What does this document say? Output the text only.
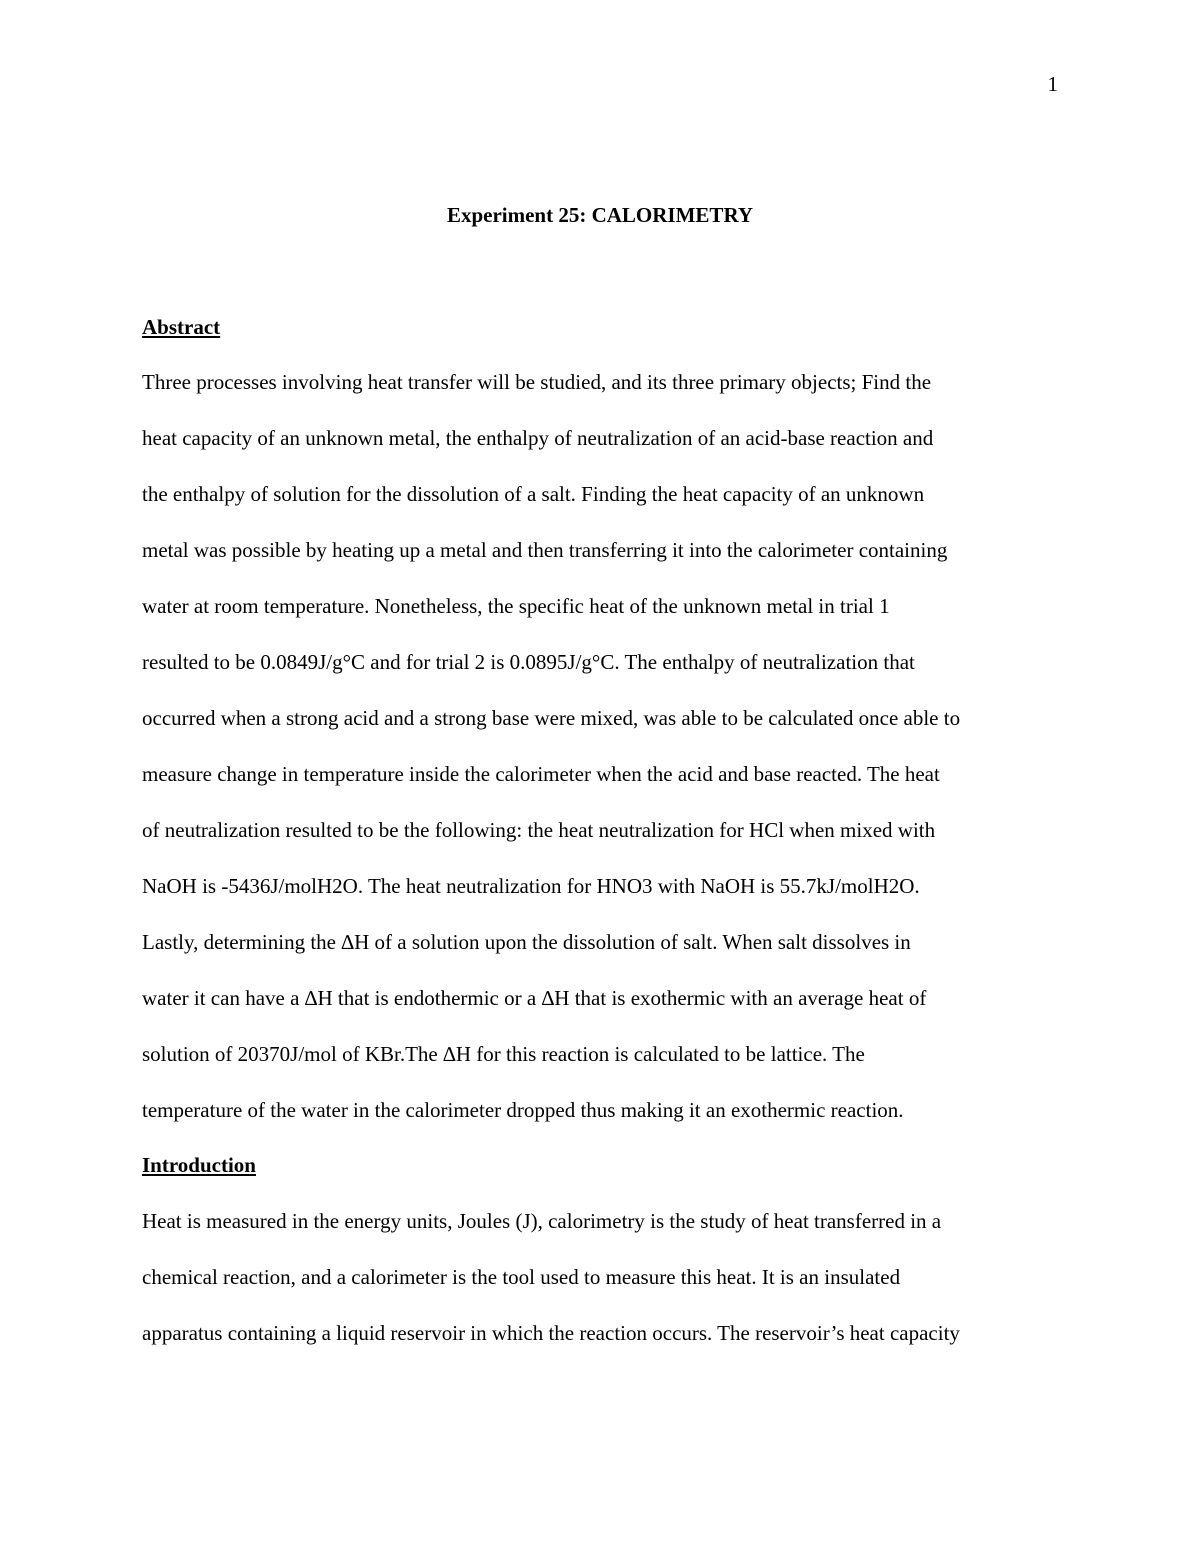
1
Experiment 25: CALORIMETRY
Abstract
Three processes involving heat transfer will be studied, and its three primary objects; Find the
heat capacity of an unknown metal, the enthalpy of neutralization of an acid-base reaction and
the enthalpy of solution for the dissolution of a salt. Finding the heat capacity of an unknown
metal was possible by heating up a metal and then transferring it into the calorimeter containing
water at room temperature. Nonetheless, the specific heat of the unknown metal in trial 1
resulted to be 0.0849J/g°C and for trial 2 is 0.0895J/g°C. The enthalpy of neutralization that
occurred when a strong acid and a strong base were mixed, was able to be calculated once able to
measure change in temperature inside the calorimeter when the acid and base reacted. The heat
of neutralization resulted to be the following: the heat neutralization for HCl when mixed with
NaOH is -5436J/molH2O. The heat neutralization for HNO3 with NaOH is 55.7kJ/molH2O.
Lastly, determining the ∆H of a solution upon the dissolution of salt. When salt dissolves in
water it can have a ∆H that is endothermic or a ∆H that is exothermic with an average heat of
solution of 20370J/mol of KBr.The ∆H for this reaction is calculated to be lattice. The
temperature of the water in the calorimeter dropped thus making it an exothermic reaction.
Introduction
Heat is measured in the energy units, Joules (J), calorimetry is the study of heat transferred in a
chemical reaction, and a calorimeter is the tool used to measure this heat. It is an insulated
apparatus containing a liquid reservoir in which the reaction occurs. The reservoir’s heat capacity
